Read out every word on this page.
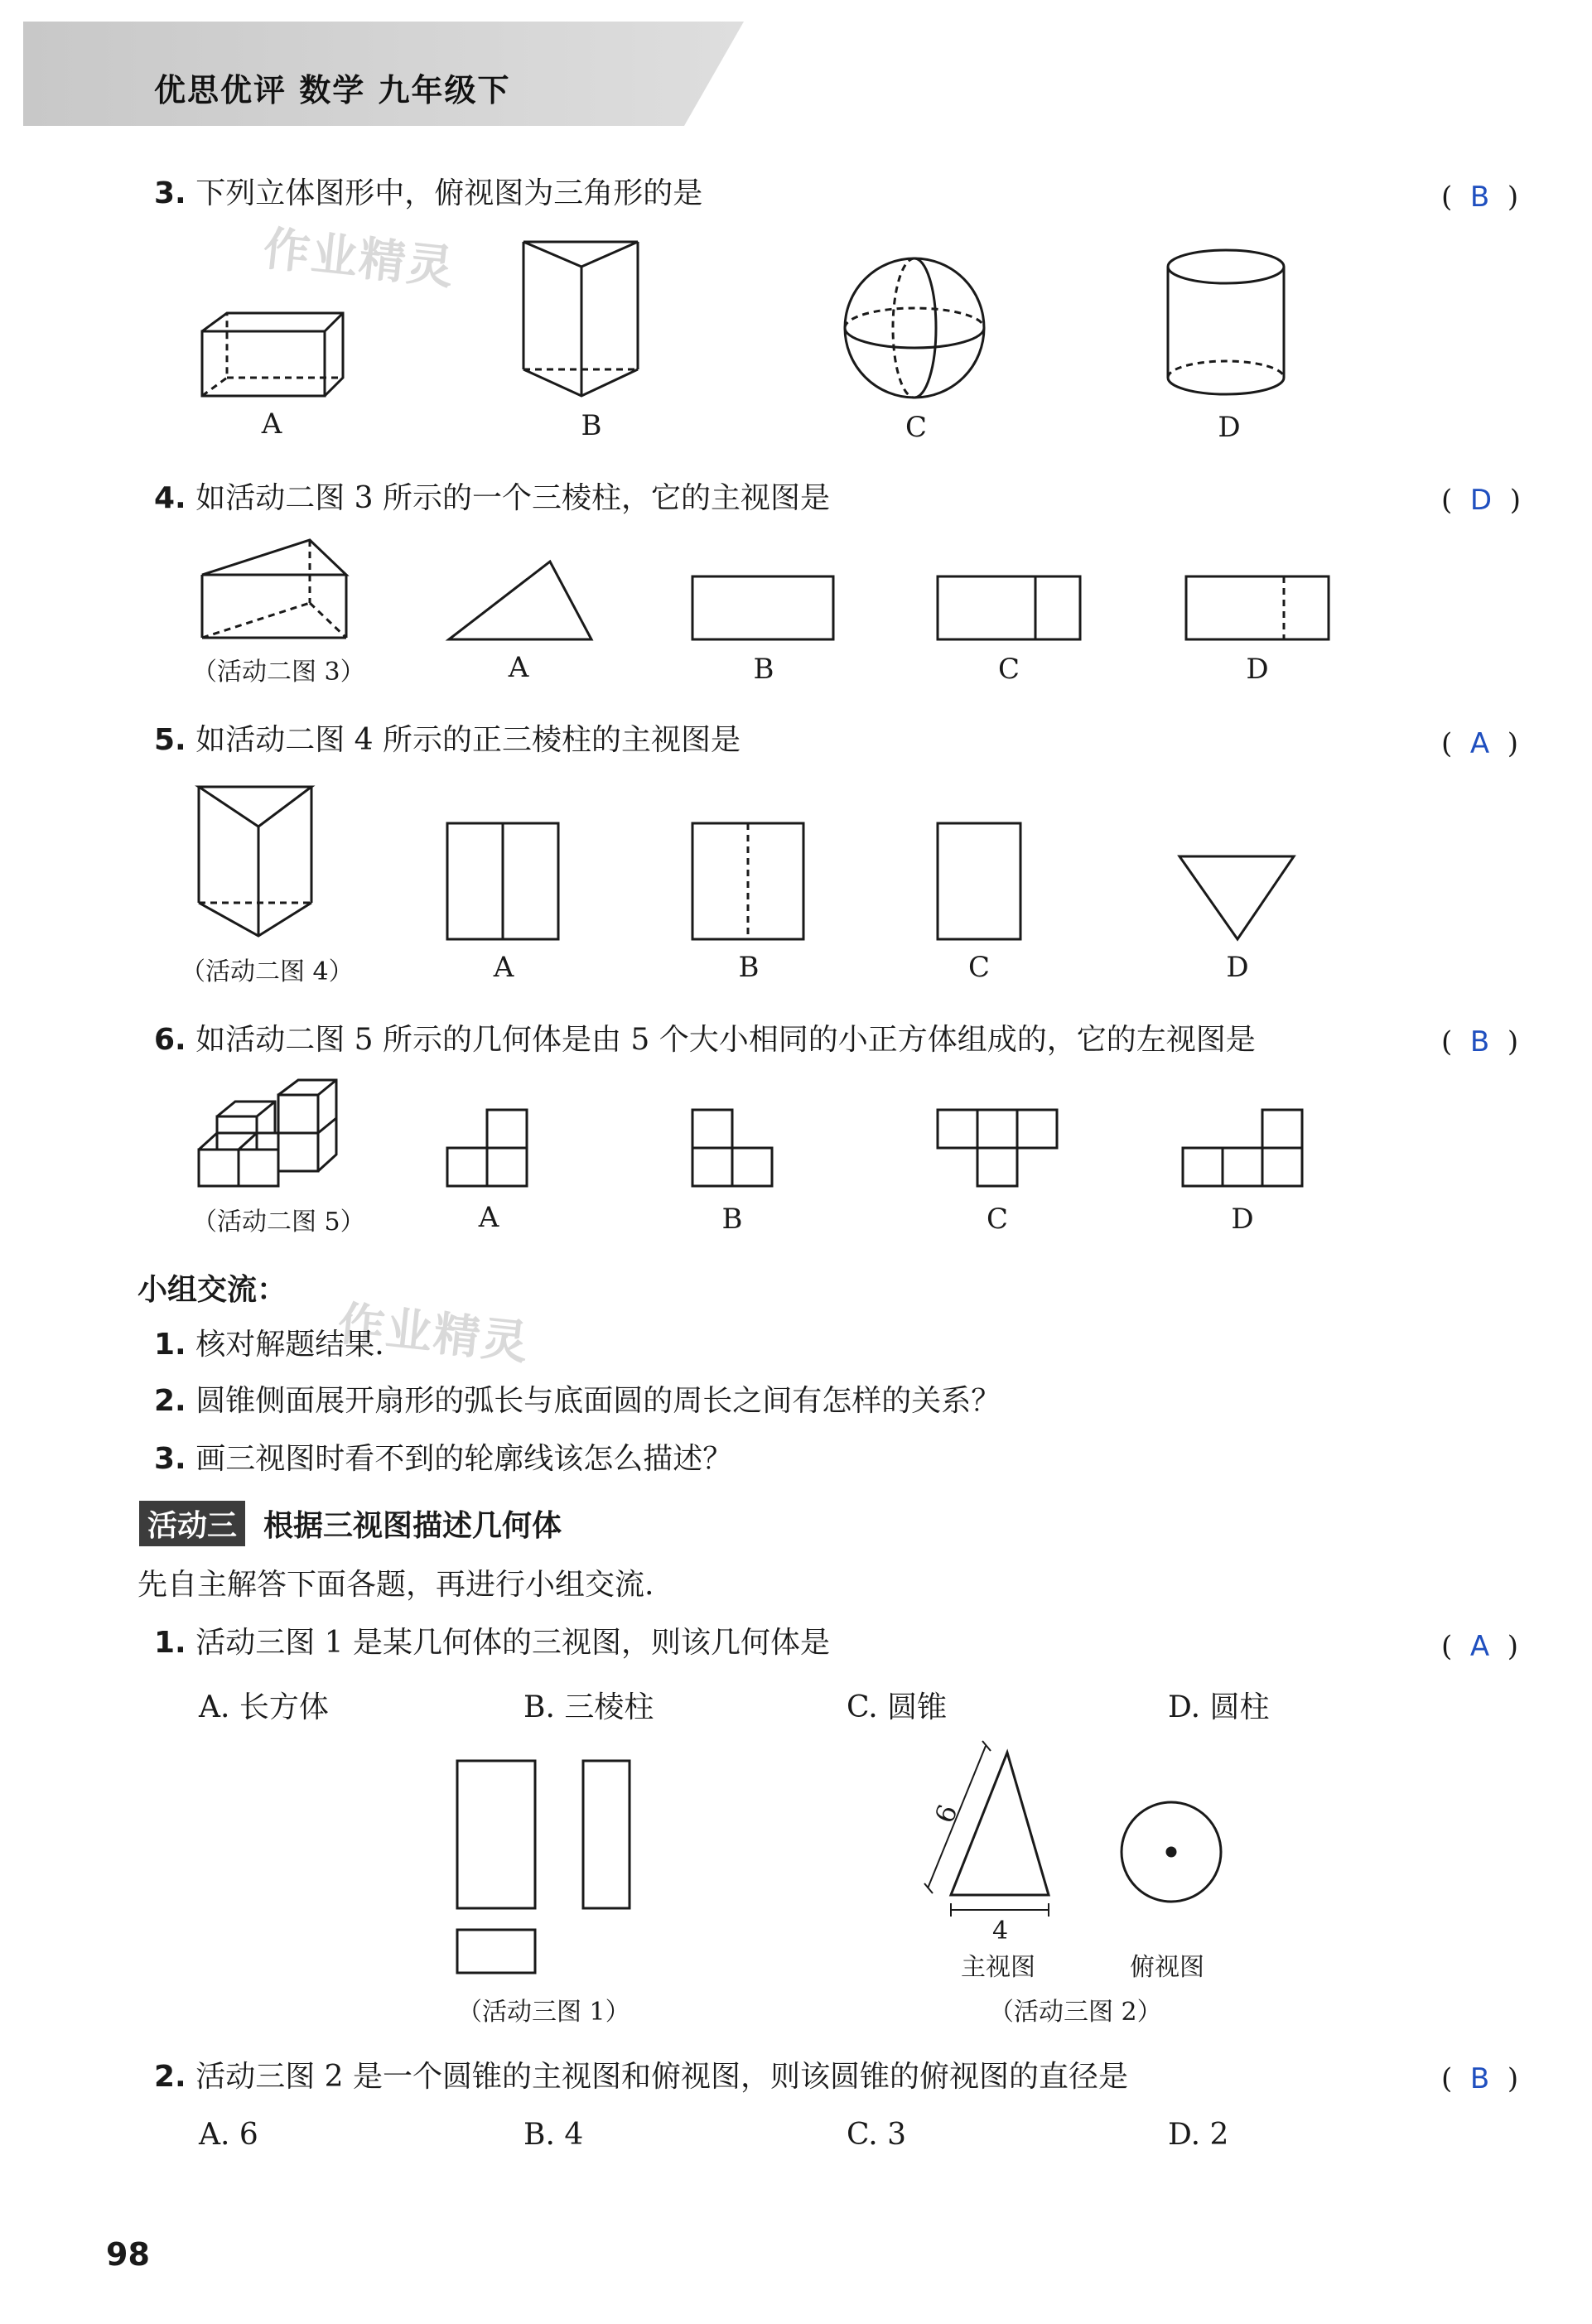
优思优评 数学 九年级下
作业精灵
作业精灵
3. 下列立体图形中，俯视图为三角形的是	(  B  )
A	B	C	D
4. 如活动二图 3 所示的一个三棱柱，它的主视图是	(  D  )
（活动二图 3）	A	B	C	D
5. 如活动二图 4 所示的正三棱柱的主视图是	(  A  )
（活动二图 4）	A	B	C	D
6. 如活动二图 5 所示的几何体是由 5 个大小相同的小正方体组成的，它的左视图是	(  B  )
（活动二图 5）	A	B	C	D
小组交流：
1. 核对解题结果.
2. 圆锥侧面展开扇形的弧长与底面圆的周长之间有怎样的关系？
3. 画三视图时看不到的轮廓线该怎么描述？
活动三 根据三视图描述几何体
先自主解答下面各题，再进行小组交流.
1. 活动三图 1 是某几何体的三视图，则该几何体是	(  A  )
A. 长方体	B. 三棱柱	C. 圆锥	D. 圆柱
（活动三图 1）	（活动三图 2）
6
4
主视图	俯视图
2. 活动三图 2 是一个圆锥的主视图和俯视图，则该圆锥的俯视图的直径是	(  B  )
A. 6	B. 4	C. 3	D. 2
98
